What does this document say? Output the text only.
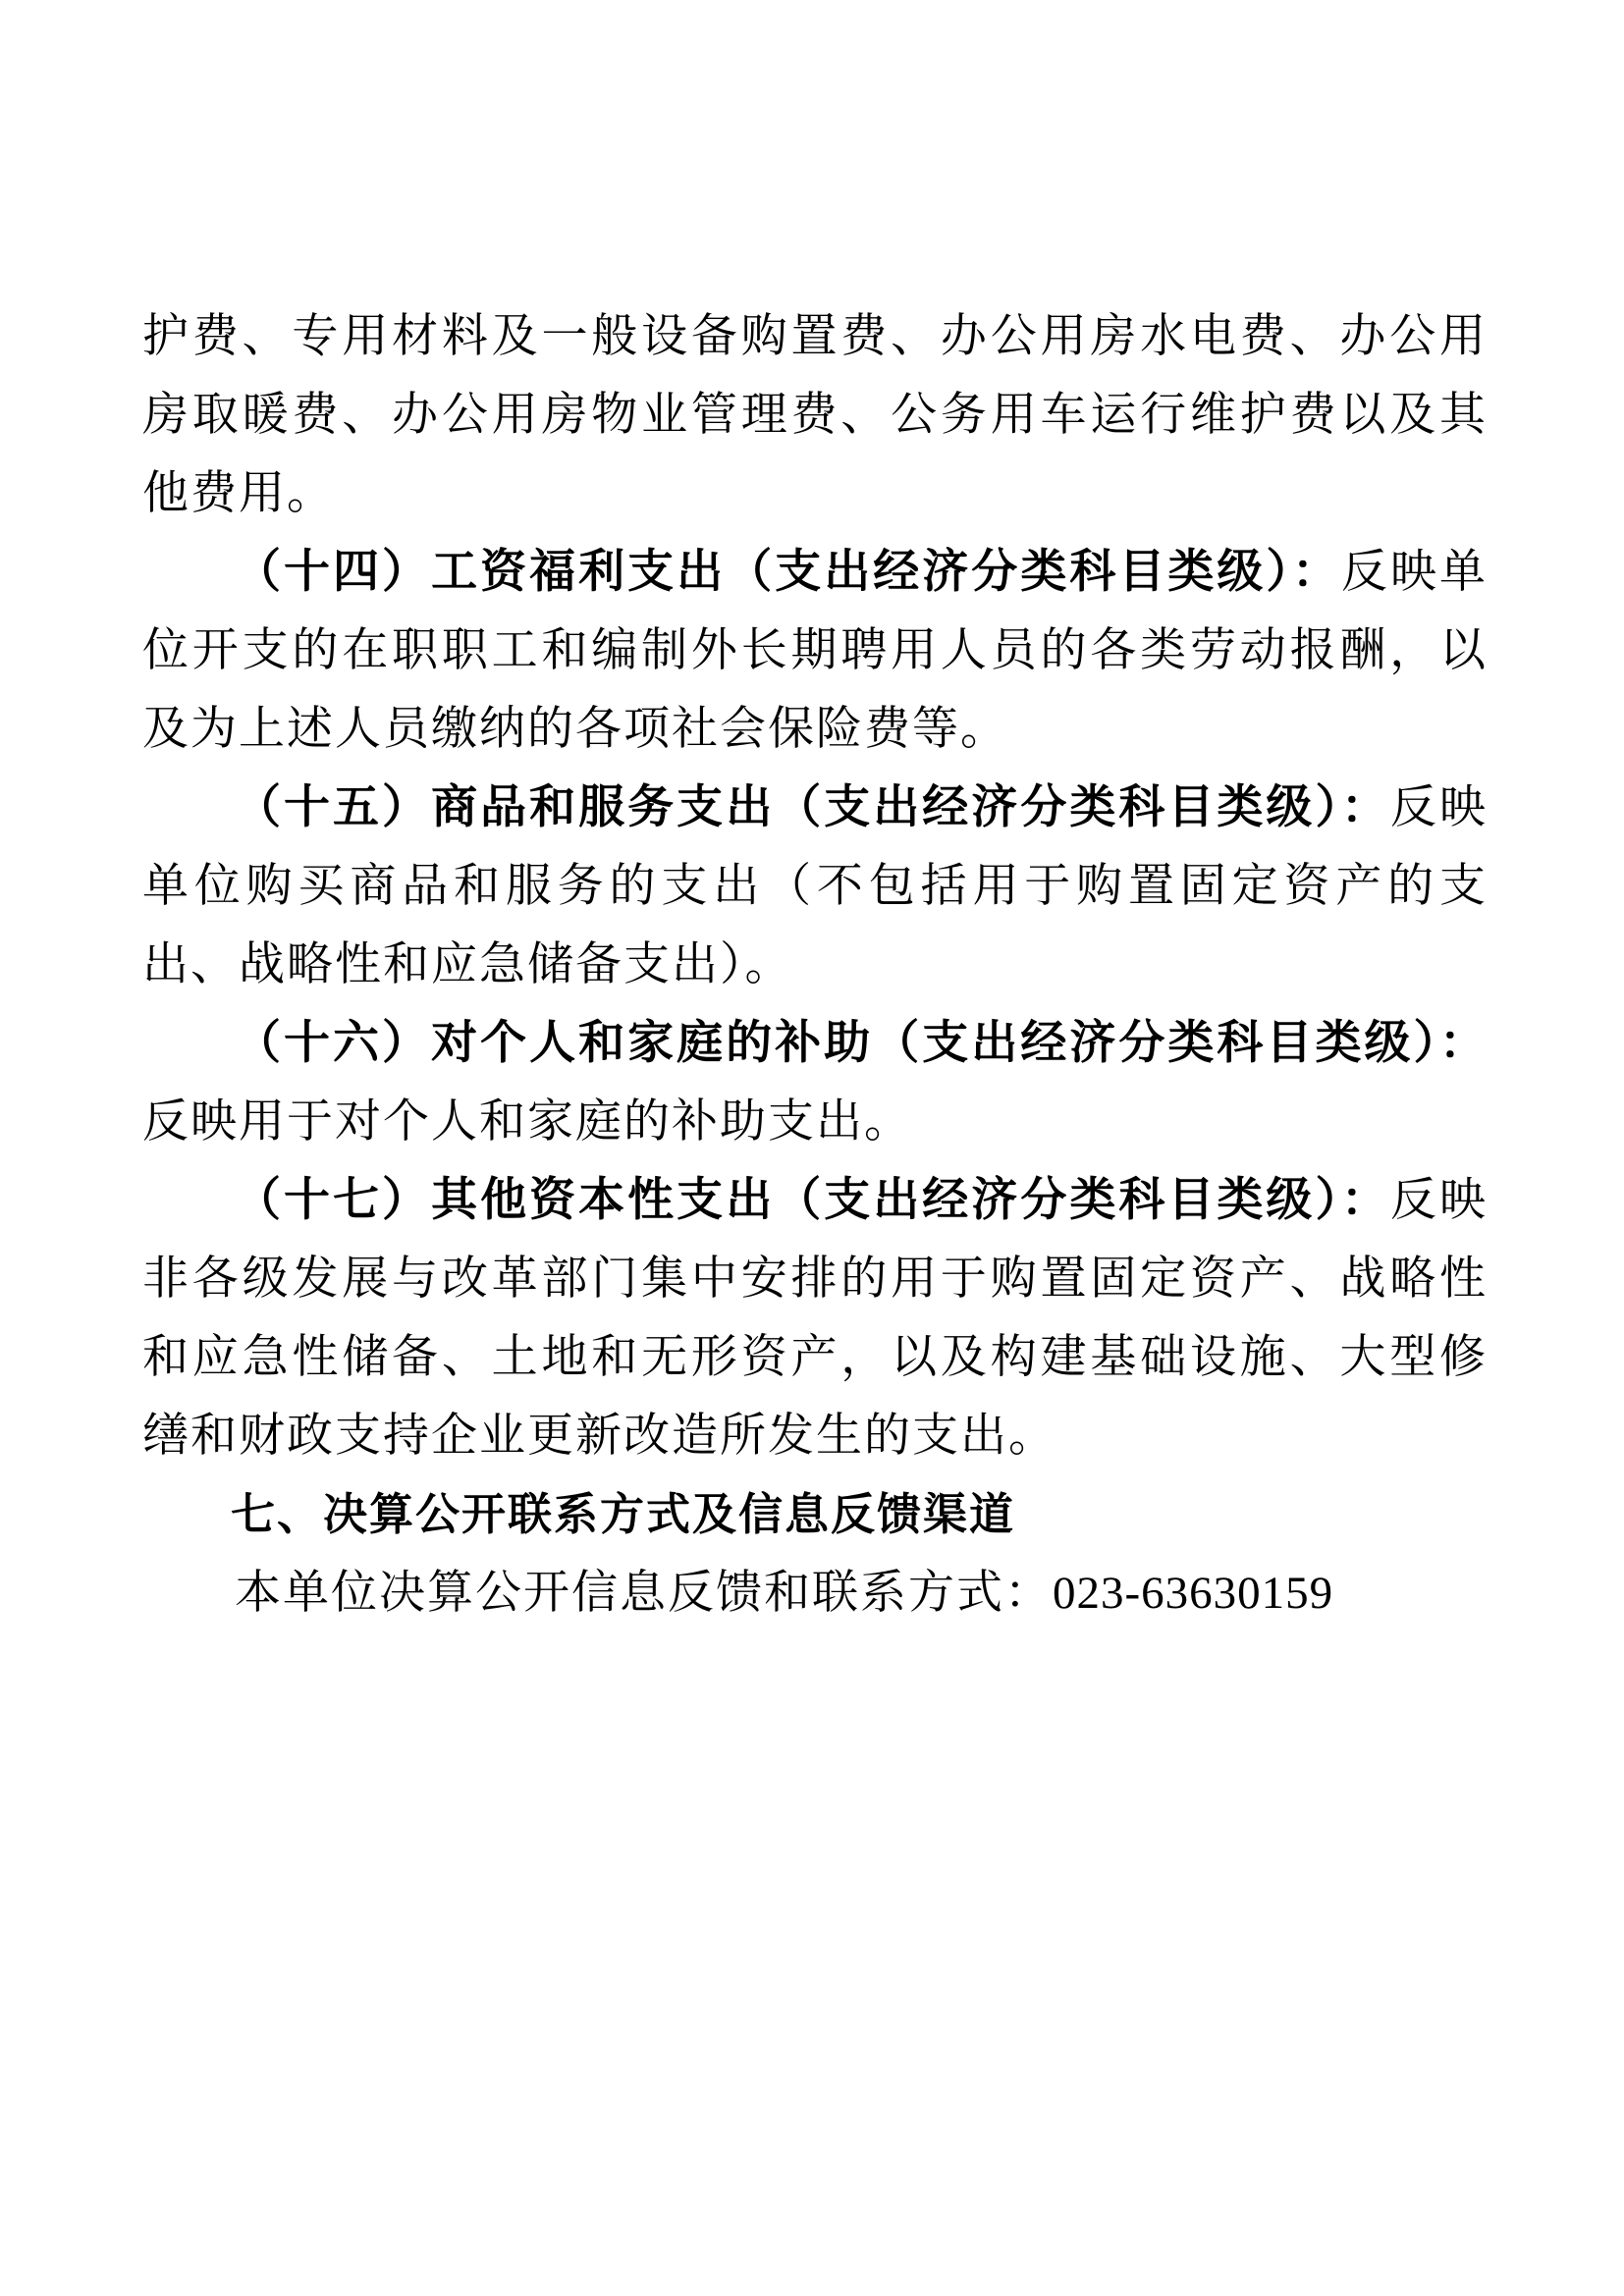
护费、专用材料及一般设备购置费、办公用房水电费、办公用房取暖费、办公用房物业管理费、公务用车运行维护费以及其他费用。

（十四）工资福利支出（支出经济分类科目类级）：反映单位开支的在职职工和编制外长期聘用人员的各类劳动报酬，以及为上述人员缴纳的各项社会保险费等。

（十五）商品和服务支出（支出经济分类科目类级）：反映单位购买商品和服务的支出（不包括用于购置固定资产的支出、战略性和应急储备支出）。

（十六）对个人和家庭的补助（支出经济分类科目类级）：反映用于对个人和家庭的补助支出。

（十七）其他资本性支出（支出经济分类科目类级）：反映非各级发展与改革部门集中安排的用于购置固定资产、战略性和应急性储备、土地和无形资产，以及构建基础设施、大型修缮和财政支持企业更新改造所发生的支出。

七、决算公开联系方式及信息反馈渠道

本单位决算公开信息反馈和联系方式：023-63630159
